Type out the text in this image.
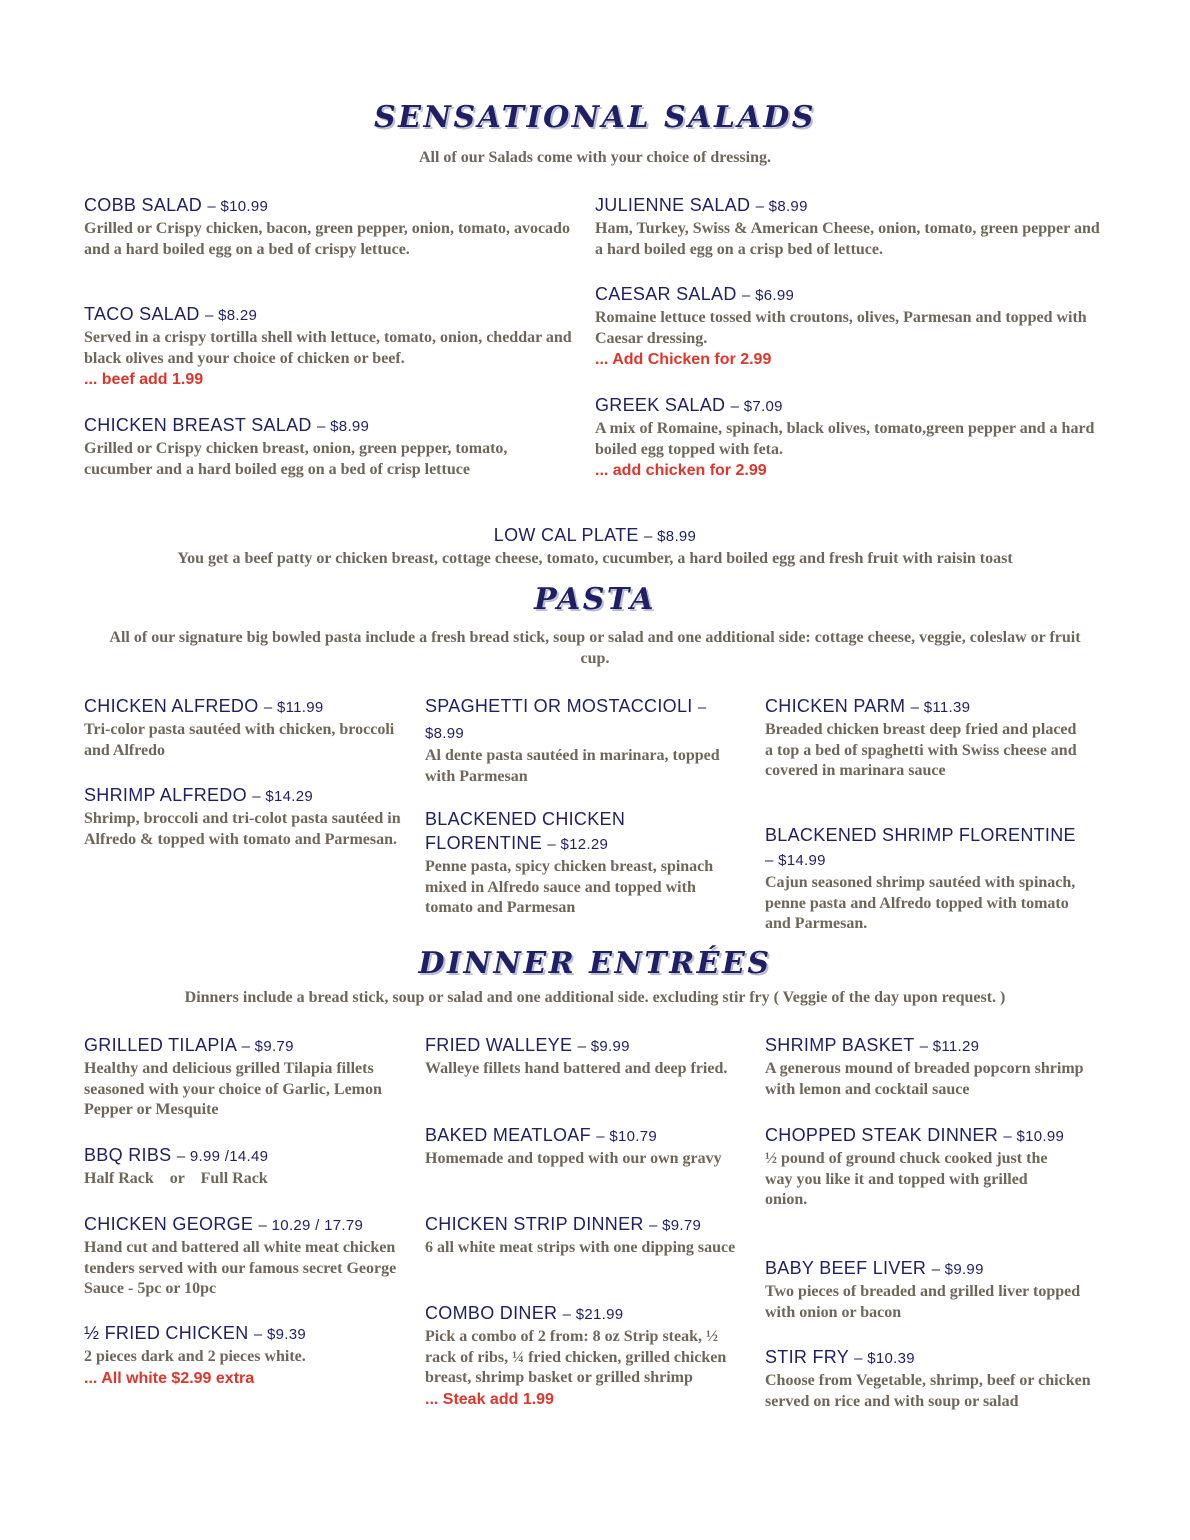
SENSATIONAL SALADS
All of our Salads come with your choice of dressing.
COBB SALAD – $10.99
Grilled or Crispy chicken, bacon, green pepper, onion, tomato, avocado and a hard boiled egg on a bed of crispy lettuce.
TACO SALAD – $8.29
Served in a crispy tortilla shell with lettuce, tomato, onion, cheddar and black olives and your choice of chicken or beef.
... beef add 1.99
CHICKEN BREAST SALAD – $8.99
Grilled or Crispy chicken breast, onion, green pepper, tomato, cucumber and a hard boiled egg on a bed of crisp lettuce
JULIENNE SALAD – $8.99
Ham, Turkey, Swiss & American Cheese, onion, tomato, green pepper and a hard boiled egg on a crisp bed of lettuce.
CAESAR SALAD – $6.99
Romaine lettuce tossed with croutons, olives, Parmesan and topped with Caesar dressing.
... Add Chicken for 2.99
GREEK SALAD – $7.09
A mix of Romaine, spinach, black olives, tomato,green pepper and a hard boiled egg topped with feta.
... add chicken for 2.99
LOW CAL PLATE – $8.99
You get a beef patty or chicken breast, cottage cheese, tomato, cucumber, a hard boiled egg and fresh fruit with raisin toast
PASTA
All of our signature big bowled pasta include a fresh bread stick, soup or salad and one additional side: cottage cheese, veggie, coleslaw or fruit cup.
CHICKEN ALFREDO – $11.99
Tri-color pasta sautéed with chicken, broccoli and Alfredo
SHRIMP ALFREDO – $14.29
Shrimp, broccoli and tri-colot pasta sautéed in Alfredo & topped with tomato and Parmesan.
SPAGHETTI OR MOSTACCIOLI – $8.99
Al dente pasta sautéed in marinara, topped with Parmesan
BLACKENED CHICKEN FLORENTINE – $12.29
Penne pasta, spicy chicken breast, spinach mixed in Alfredo sauce and topped with tomato and Parmesan
CHICKEN PARM – $11.39
Breaded chicken breast deep fried and placed a top a bed of spaghetti with Swiss cheese and covered in marinara sauce
BLACKENED SHRIMP FLORENTINE – $14.99
Cajun seasoned shrimp sautéed with spinach, penne pasta and Alfredo topped with tomato and Parmesan.
DINNER ENTRÉES
Dinners include a bread stick, soup or salad and one additional side. excluding stir fry ( Veggie of the day upon request. )
GRILLED TILAPIA – $9.79
Healthy and delicious grilled Tilapia fillets seasoned with your choice of Garlic, Lemon Pepper or Mesquite
BBQ RIBS – 9.99 /14.49
Half Rack    or    Full Rack
CHICKEN GEORGE – 10.29 / 17.79
Hand cut and battered all white meat chicken tenders served with our famous secret George Sauce - 5pc or 10pc
½ FRIED CHICKEN – $9.39
2 pieces dark and 2 pieces white.
... All white $2.99 extra
FRIED WALLEYE – $9.99
Walleye fillets hand battered and deep fried.
BAKED MEATLOAF – $10.79
Homemade and topped with our own gravy
CHICKEN STRIP DINNER – $9.79
6 all white meat strips with one dipping sauce
COMBO DINER – $21.99
Pick a combo of 2 from: 8 oz Strip steak, ½ rack of ribs, ¼ fried chicken, grilled chicken breast, shrimp basket or grilled shrimp
... Steak add 1.99
SHRIMP BASKET – $11.29
A generous mound of breaded popcorn shrimp with lemon and cocktail sauce
CHOPPED STEAK DINNER – $10.99
½ pound of ground chuck cooked just the way you like it and topped with grilled onion.
BABY BEEF LIVER – $9.99
Two pieces of breaded and grilled liver topped with onion or bacon
STIR FRY – $10.39
Choose from Vegetable, shrimp, beef or chicken served on rice and with soup or salad
